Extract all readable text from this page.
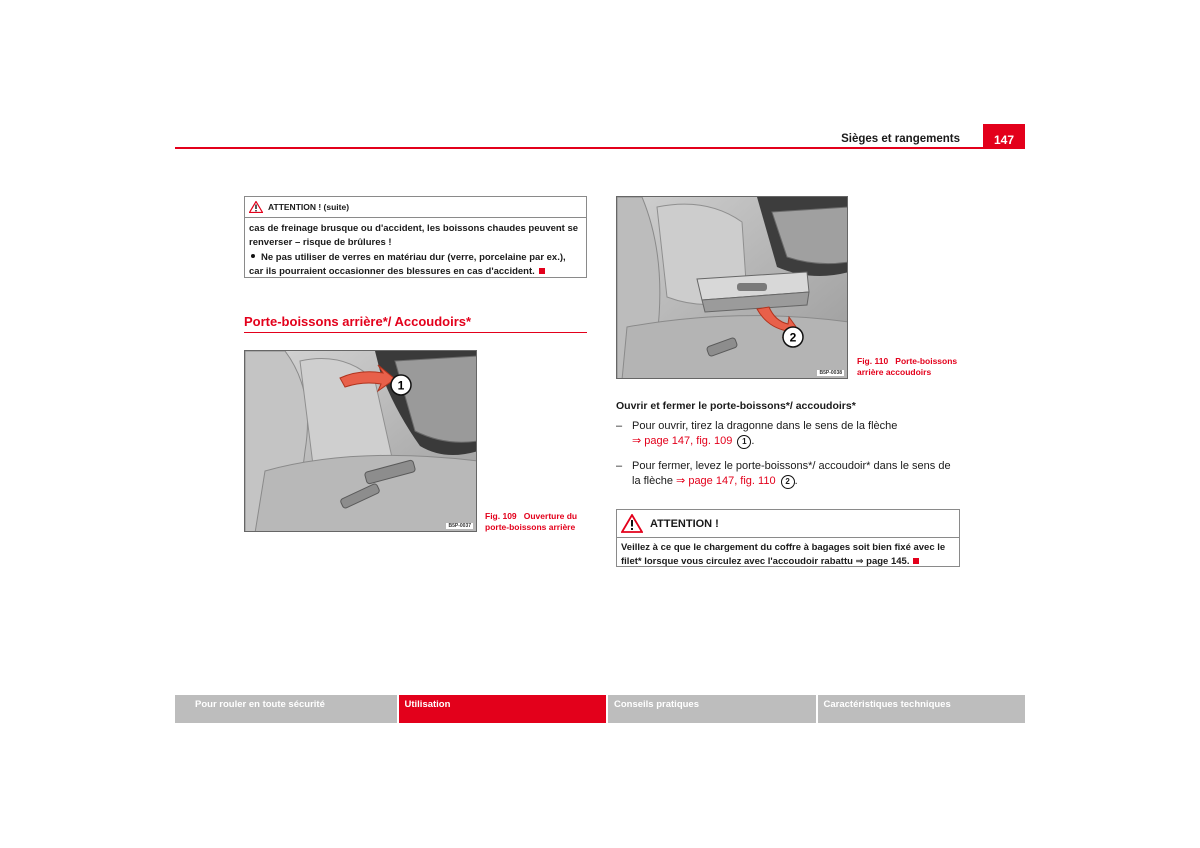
Sièges et rangements	147
ATTENTION ! (suite)
cas de freinage brusque ou d'accident, les boissons chaudes peuvent se renverser – risque de brûlures !
Ne pas utiliser de verres en matériau dur (verre, porcelaine par ex.), car ils pourraient occasionner des blessures en cas d'accident.
Porte-boissons arrière*/ Accoudoirs*
1
B5P-0037
Fig. 109 Ouverture du porte-boissons arrière
2
B5P-0038
Fig. 110 Porte-boissons arrière accoudoirs
Ouvrir et fermer le porte-boissons*/ accoudoirs*
– Pour ouvrir, tirez la dragonne dans le sens de la flèche
⇒ page 147, fig. 109 1 .
– Pour fermer, levez le porte-boissons*/ accoudoir* dans le sens de la flèche ⇒ page 147, fig. 110 2 .
ATTENTION !
Veillez à ce que le chargement du coffre à bagages soit bien fixé avec le filet* lorsque vous circulez avec l'accoudoir rabattu ⇒ page 145.
Pour rouler en toute sécurité	Utilisation	Conseils pratiques	Caractéristiques techniques
